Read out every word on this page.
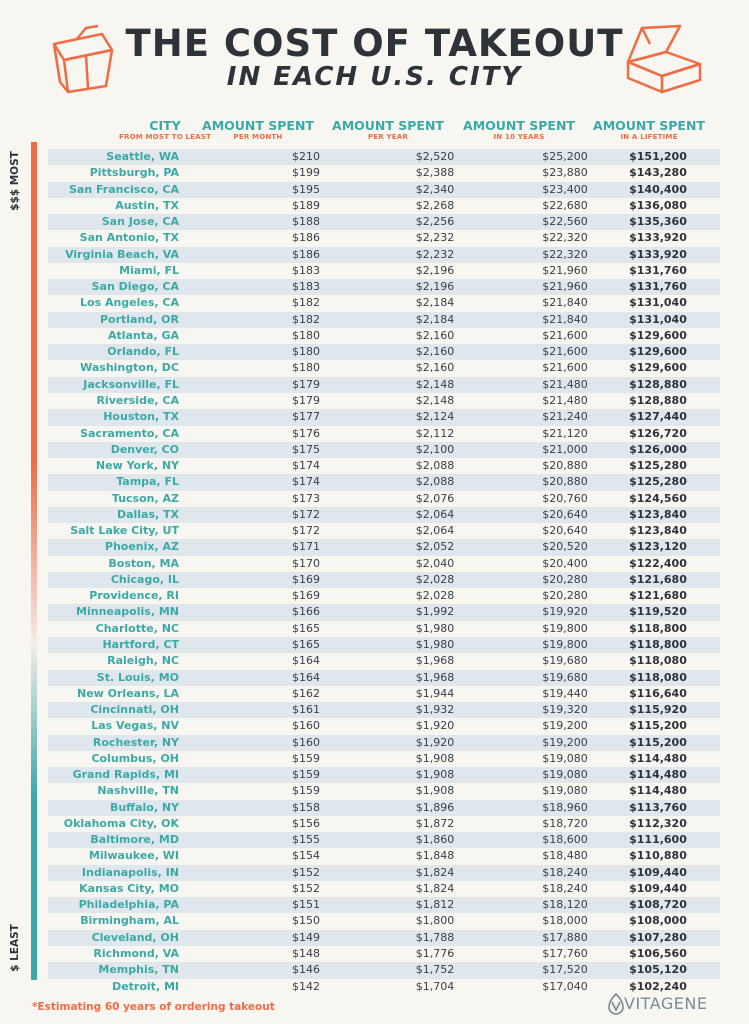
THE COST OF TAKEOUT
IN EACH U.S. CITY
CITY
FROM MOST TO LEAST
AMOUNT SPENT
PER MONTH
AMOUNT SPENT
PER YEAR
AMOUNT SPENT
IN 10 YEARS
AMOUNT SPENT
IN A LIFETIME
$$$ MOST
$ LEAST
Seattle, WA	$210	$2,520	$25,200	$151,200
Pittsburgh, PA	$199	$2,388	$23,880	$143,280
San Francisco, CA	$195	$2,340	$23,400	$140,400
Austin, TX	$189	$2,268	$22,680	$136,080
San Jose, CA	$188	$2,256	$22,560	$135,360
San Antonio, TX	$186	$2,232	$22,320	$133,920
Virginia Beach, VA	$186	$2,232	$22,320	$133,920
Miami, FL	$183	$2,196	$21,960	$131,760
San Diego, CA	$183	$2,196	$21,960	$131,760
Los Angeles, CA	$182	$2,184	$21,840	$131,040
Portland, OR	$182	$2,184	$21,840	$131,040
Atlanta, GA	$180	$2,160	$21,600	$129,600
Orlando, FL	$180	$2,160	$21,600	$129,600
Washington, DC	$180	$2,160	$21,600	$129,600
Jacksonville, FL	$179	$2,148	$21,480	$128,880
Riverside, CA	$179	$2,148	$21,480	$128,880
Houston, TX	$177	$2,124	$21,240	$127,440
Sacramento, CA	$176	$2,112	$21,120	$126,720
Denver, CO	$175	$2,100	$21,000	$126,000
New York, NY	$174	$2,088	$20,880	$125,280
Tampa, FL	$174	$2,088	$20,880	$125,280
Tucson, AZ	$173	$2,076	$20,760	$124,560
Dallas, TX	$172	$2,064	$20,640	$123,840
Salt Lake City, UT	$172	$2,064	$20,640	$123,840
Phoenix, AZ	$171	$2,052	$20,520	$123,120
Boston, MA	$170	$2,040	$20,400	$122,400
Chicago, IL	$169	$2,028	$20,280	$121,680
Providence, RI	$169	$2,028	$20,280	$121,680
Minneapolis, MN	$166	$1,992	$19,920	$119,520
Charlotte, NC	$165	$1,980	$19,800	$118,800
Hartford, CT	$165	$1,980	$19,800	$118,800
Raleigh, NC	$164	$1,968	$19,680	$118,080
St. Louis, MO	$164	$1,968	$19,680	$118,080
New Orleans, LA	$162	$1,944	$19,440	$116,640
Cincinnati, OH	$161	$1,932	$19,320	$115,920
Las Vegas, NV	$160	$1,920	$19,200	$115,200
Rochester, NY	$160	$1,920	$19,200	$115,200
Columbus, OH	$159	$1,908	$19,080	$114,480
Grand Rapids, MI	$159	$1,908	$19,080	$114,480
Nashville, TN	$159	$1,908	$19,080	$114,480
Buffalo, NY	$158	$1,896	$18,960	$113,760
Oklahoma City, OK	$156	$1,872	$18,720	$112,320
Baltimore, MD	$155	$1,860	$18,600	$111,600
Milwaukee, WI	$154	$1,848	$18,480	$110,880
Indianapolis, IN	$152	$1,824	$18,240	$109,440
Kansas City, MO	$152	$1,824	$18,240	$109,440
Philadelphia, PA	$151	$1,812	$18,120	$108,720
Birmingham, AL	$150	$1,800	$18,000	$108,000
Cleveland, OH	$149	$1,788	$17,880	$107,280
Richmond, VA	$148	$1,776	$17,760	$106,560
Memphis, TN	$146	$1,752	$17,520	$105,120
Detroit, MI	$142	$1,704	$17,040	$102,240
*Estimating 60 years of ordering takeout	VITAGENE
